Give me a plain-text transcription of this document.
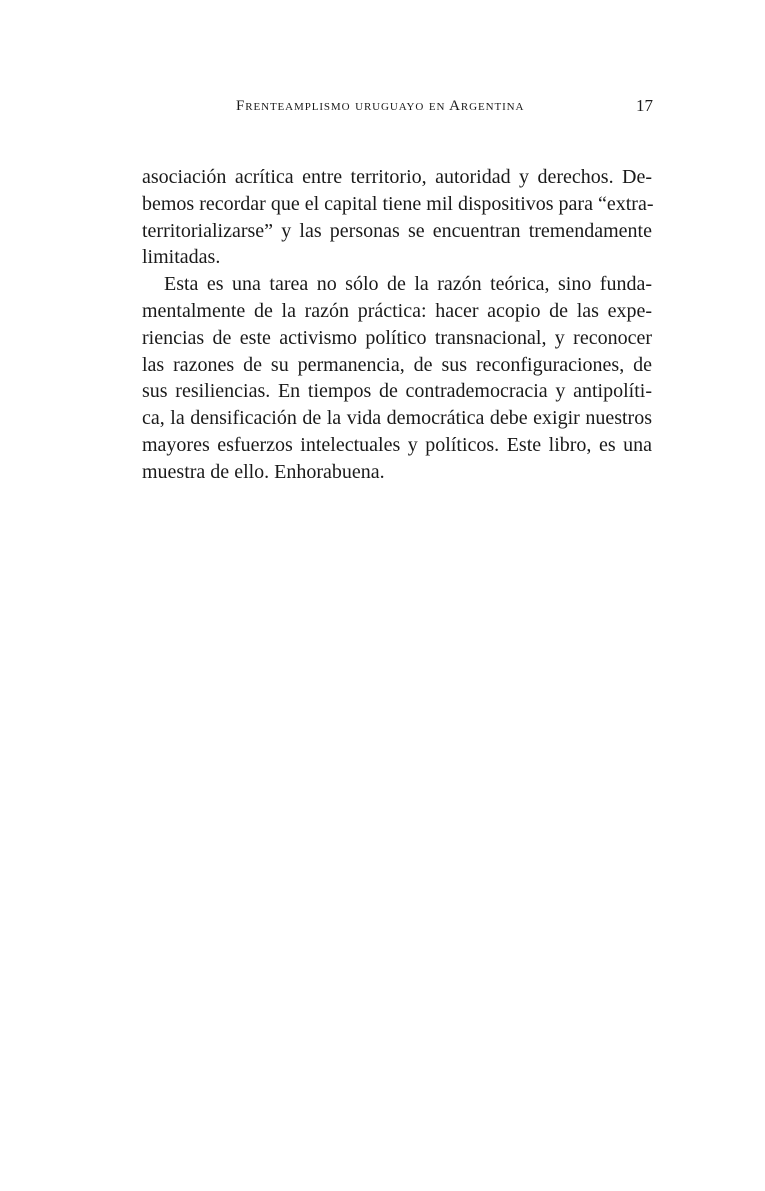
Frenteamplismo uruguayo en Argentina	17
asociación acrítica entre territorio, autoridad y derechos. De-
bemos recordar que el capital tiene mil dispositivos para “extra-
territorializarse” y las personas se encuentran tremendamente
limitadas.
Esta es una tarea no sólo de la razón teórica, sino funda-
mentalmente de la razón práctica: hacer acopio de las expe-
riencias de este activismo político transnacional, y reconocer
las razones de su permanencia, de sus reconfiguraciones, de
sus resiliencias. En tiempos de contrademocracia y antipolíti-
ca, la densificación de la vida democrática debe exigir nuestros
mayores esfuerzos intelectuales y políticos. Este libro, es una
muestra de ello. Enhorabuena.
